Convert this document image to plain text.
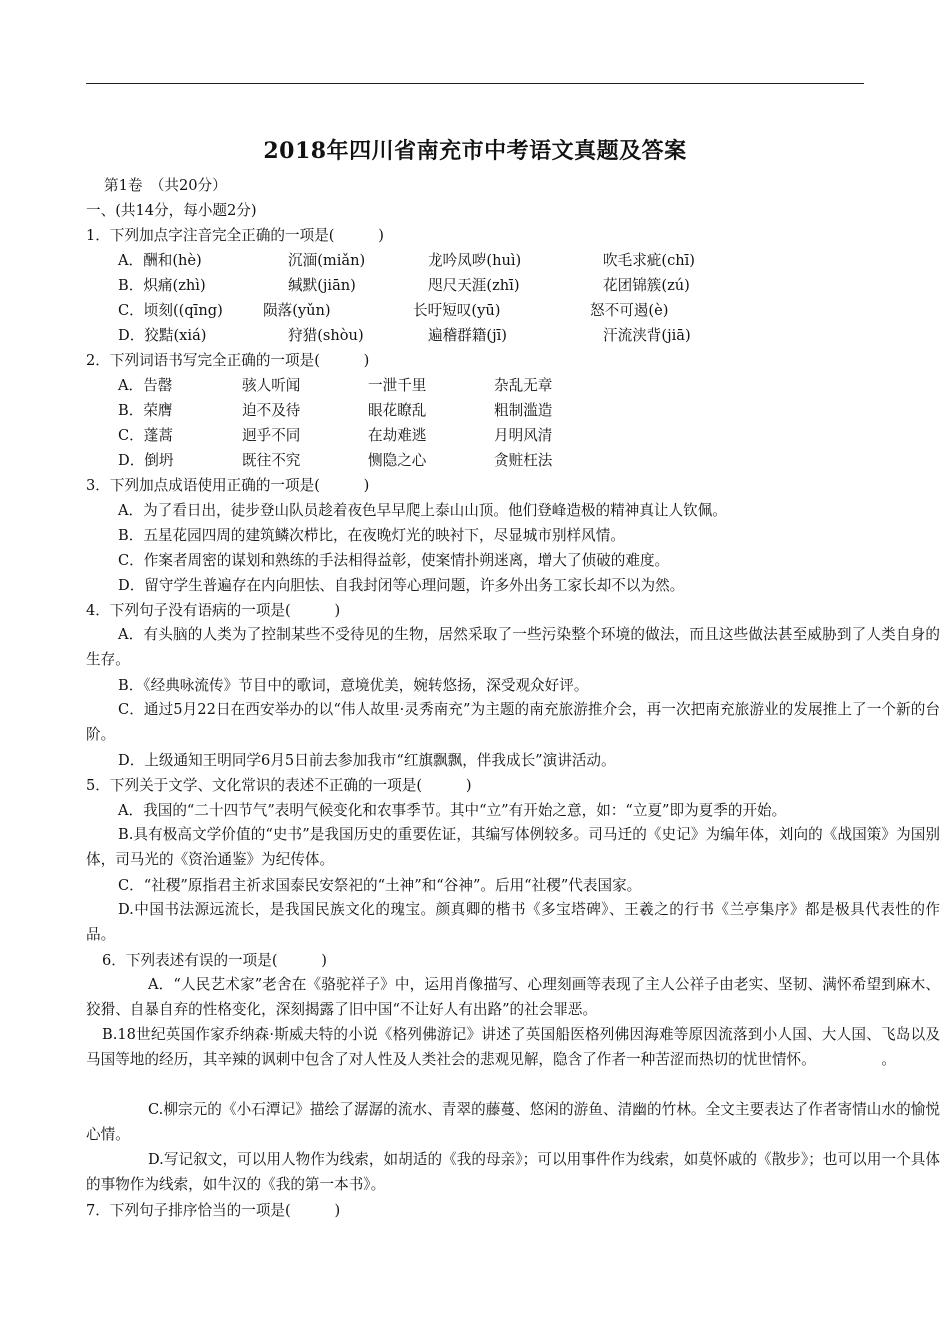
2018年四川省南充市中考语文真题及答案
第1卷　（共20分）
一、(共14分，每小题2分)
1．下列加点字注音完全正确的一项是(　　　)
A．酬和(hè)	沉湎(miǎn)	龙吟凤哕(huì)	吹毛求疵(chī)
B．炽痛(zhì)	缄默(jiān)	咫尺天涯(zhī)	花团锦簇(zú)
C．顷刻((qīng)	陨落(yǔn)	长吁短叹(yū)	怒不可遏(è)
D．狡黠(xiá)	狩猎(shòu)	遍稽群籍(jī)	汗流浃背(jiā)
2．下列词语书写完全正确的一项是(　　　)
A．告罄	骇人听闻	一泄千里	杂乱无章
B．荣膺	迫不及待	眼花瞭乱	粗制滥造
C．蓬蒿	迥乎不同	在劫难逃	月明风清
D．倒坍	既往不究	恻隐之心	贪赃枉法
3．下列加点成语使用正确的一项是(　　　)
A．为了看日出，徒步登山队员趁着夜色早早爬上泰山山顶。他们登峰造极的精神真让人钦佩。
B．五星花园四周的建筑鳞次栉比，在夜晚灯光的映衬下，尽显城市别样风情。
C．作案者周密的谋划和熟练的手法相得益彰，使案情扑朔迷离，增大了侦破的难度。
D．留守学生普遍存在内向胆怯、自我封闭等心理问题，许多外出务工家长却不以为然。
4．下列句子没有语病的一项是(　　　)
A．有头脑的人类为了控制某些不受待见的生物，居然采取了一些污染整个环境的做法，而且这些做法甚至威胁到了人类自身的生存。
B．《经典咏流传》节目中的歌词，意境优美，婉转悠扬，深受观众好评。
C．通过5月22日在西安举办的以“伟人故里·灵秀南充”为主题的南充旅游推介会，再一次把南充旅游业的发展推上了一个新的台阶。
D．上级通知王明同学6月5日前去参加我市“红旗飘飘，伴我成长”演讲活动。
5．下列关于文学、文化常识的表述不正确的一项是(　　　)
A．我国的“二十四节气”表明气候变化和农事季节。其中“立”有开始之意，如：“立夏”即为夏季的开始。
B.具有极高文学价值的“史书”是我国历史的重要佐证，其编写体例较多。司马迁的《史记》为编年体，刘向的《战国策》为国别体，司马光的《资治通鉴》为纪传体。
C．“社稷”原指君主祈求国泰民安祭祀的“土神”和“谷神”。后用“社稷”代表国家。
D.中国书法源远流长，是我国民族文化的瑰宝。颜真卿的楷书《多宝塔碑》、王羲之的行书《兰亭集序》都是极具代表性的作品。
6．下列表述有误的一项是(　　　)
A．“人民艺术家”老舍在《骆驼祥子》中，运用肖像描写、心理刻画等表现了主人公祥子由老实、坚韧、满怀希望到麻木、狡猾、自暴自弃的性格变化，深刻揭露了旧中国“不让好人有出路”的社会罪恶。
B.18世纪英国作家乔纳森·斯威夫特的小说《格列佛游记》讲述了英国船医格列佛因海难等原因流落到小人国、大人国、飞岛以及马国等地的经历，其辛辣的讽刺中包含了对人性及人类社会的悲观见解，隐含了作者一种苦涩而热切的忧世情怀。　　　　　。
C.柳宗元的《小石潭记》描绘了潺潺的流水、青翠的藤蔓、悠闲的游鱼、清幽的竹林。全文主要表达了作者寄情山水的愉悦心情。
D.写记叙文，可以用人物作为线索，如胡适的《我的母亲》；可以用事件作为线索，如莫怀戚的《散步》；也可以用一个具体的事物作为线索，如牛汉的《我的第一本书》。
7．下列句子排序恰当的一项是(　　　)
